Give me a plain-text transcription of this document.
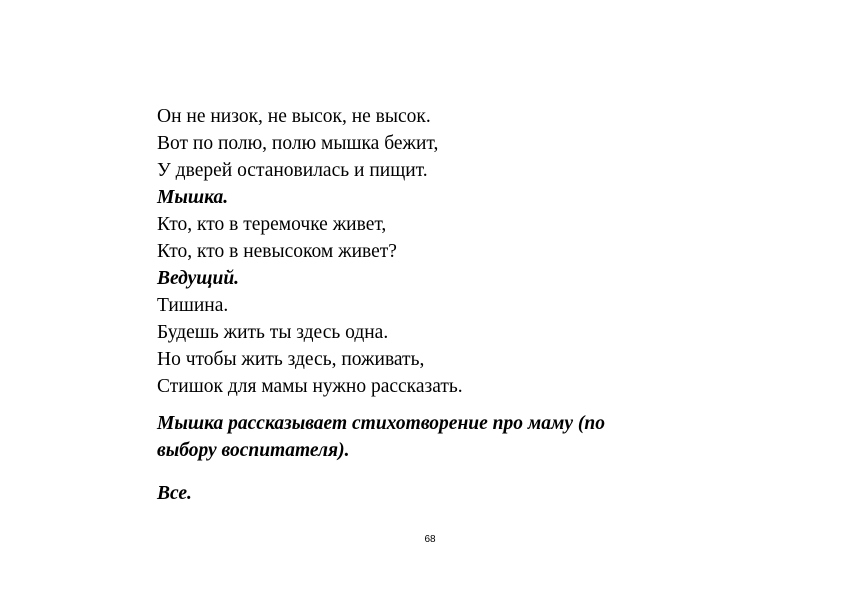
Он не низок, не высок, не высок.
Вот по полю, полю мышка бежит,
У дверей остановилась и пищит.
Мышка.
Кто, кто в теремочке живет,
Кто, кто в невысоком живет?
Ведущий.
Тишина.
Будешь жить ты здесь одна.
Но чтобы жить здесь, поживать,
Стишок для мамы нужно рассказать.
Мышка рассказывает стихотворение про маму (по
выбору воспитателя).
Все.
68
